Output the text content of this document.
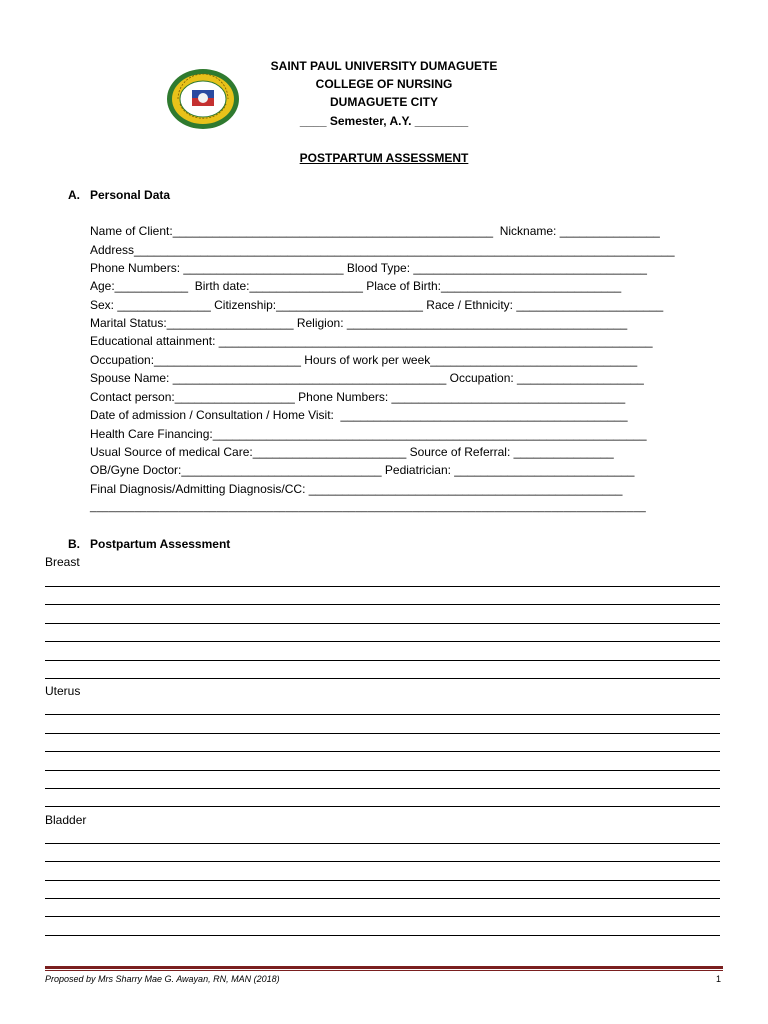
SAINT PAUL UNIVERSITY DUMAGUETE
COLLEGE OF NURSING
DUMAGUETE CITY
____ Semester, A.Y. ________
POSTPARTUM ASSESSMENT
A. Personal Data
Name of Client:________________________________________________  Nickname: _______________
Address_________________________________________________________________________________
Phone Numbers: ________________________ Blood Type: ___________________________________
Age:___________  Birth date:_________________ Place of Birth:___________________________
Sex: ______________ Citizenship:______________________ Race / Ethnicity: ______________________
Marital Status:___________________ Religion: __________________________________________
Educational attainment: _________________________________________________________________
Occupation:______________________ Hours of work per week_______________________________
Spouse Name: _________________________________________ Occupation: ___________________
Contact person:__________________ Phone Numbers: ___________________________________
Date of admission / Consultation / Home Visit:  ___________________________________________
Health Care Financing:_________________________________________________________________
Usual Source of medical Care:_______________________ Source of Referral: _______________
OB/Gyne Doctor:______________________________ Pediatrician: ___________________________
Final Diagnosis/Admitting Diagnosis/CC: _______________________________________________
________________________________________________________________________________________
B. Postpartum Assessment
Breast
Uterus
Bladder
Proposed by Mrs Sharry Mae G. Awayan, RN, MAN (2018)	1
